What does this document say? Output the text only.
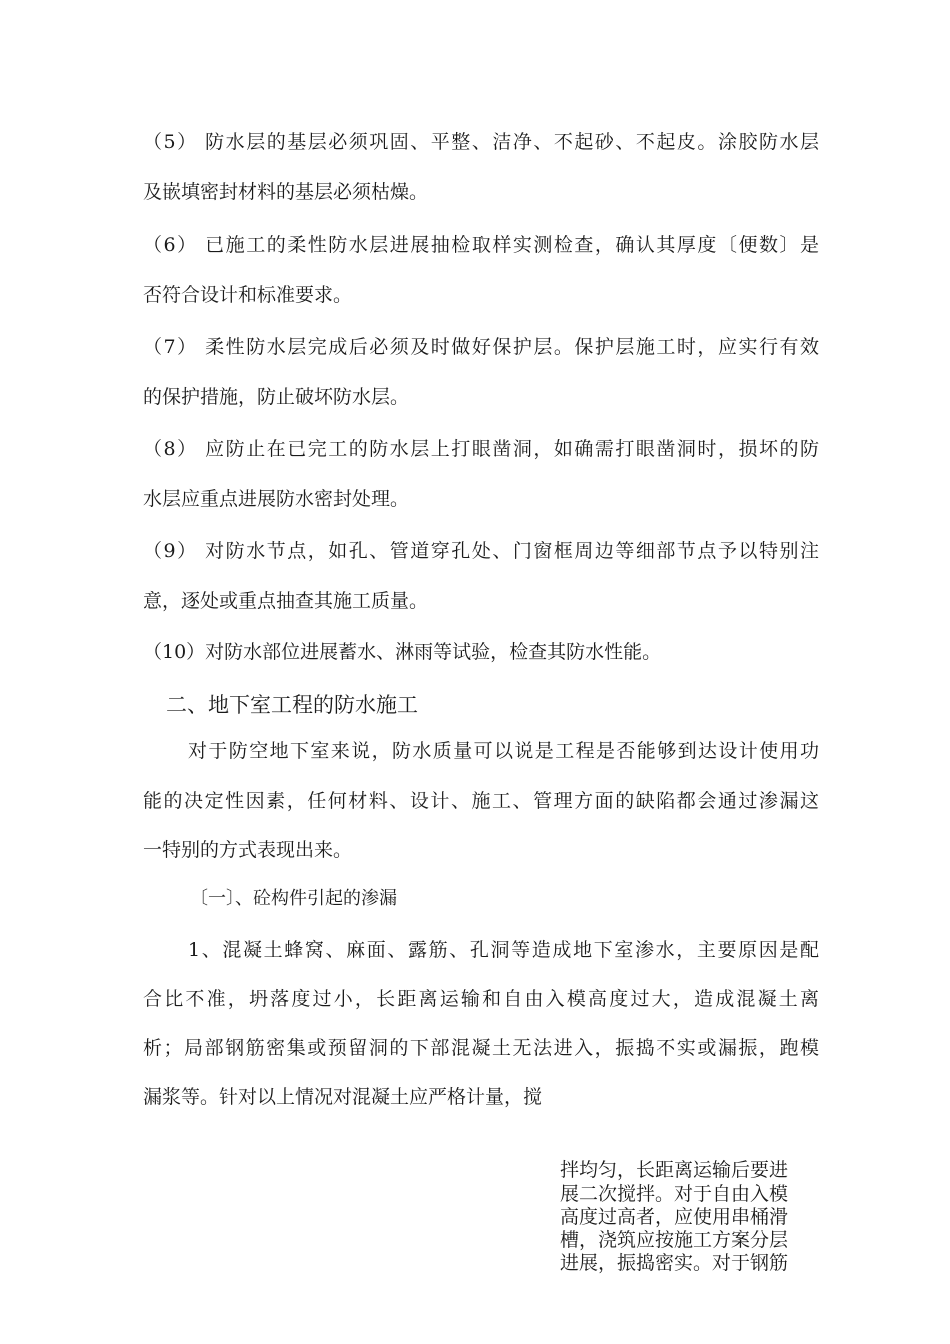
（5） 防水层的基层必须巩固、平整、洁净、不起砂、不起皮。涂胶防水层
及嵌填密封材料的基层必须枯燥。
（6） 已施工的柔性防水层进展抽检取样实测检查，确认其厚度〔便数〕是
否符合设计和标准要求。
（7） 柔性防水层完成后必须及时做好保护层。保护层施工时，应实行有效
的保护措施，防止破坏防水层。
（8） 应防止在已完工的防水层上打眼凿洞，如确需打眼凿洞时，损坏的防
水层应重点进展防水密封处理。
（9） 对防水节点，如孔、管道穿孔处、门窗框周边等细部节点予以特别注
意，逐处或重点抽查其施工质量。
（10）对防水部位进展蓄水、淋雨等试验，检查其防水性能。
二、地下室工程的防水施工
对于防空地下室来说，防水质量可以说是工程是否能够到达设计使用功
能的决定性因素，任何材料、设计、施工、管理方面的缺陷都会通过渗漏这
一特别的方式表现出来。
〔一〕、砼构件引起的渗漏
1、混凝土蜂窝、麻面、露筋、孔洞等造成地下室渗水，主要原因是配
合比不准，坍落度过小，长距离运输和自由入模高度过大，造成混凝土离
析；局部钢筋密集或预留洞的下部混凝土无法进入，振捣不实或漏振，跑模
漏浆等。针对以上情况对混凝土应严格计量，搅
拌均匀，长距离运输后要进
展二次搅拌。对于自由入模
高度过高者，应使用串桶滑
槽，浇筑应按施工方案分层
进展，振捣密实。对于钢筋
